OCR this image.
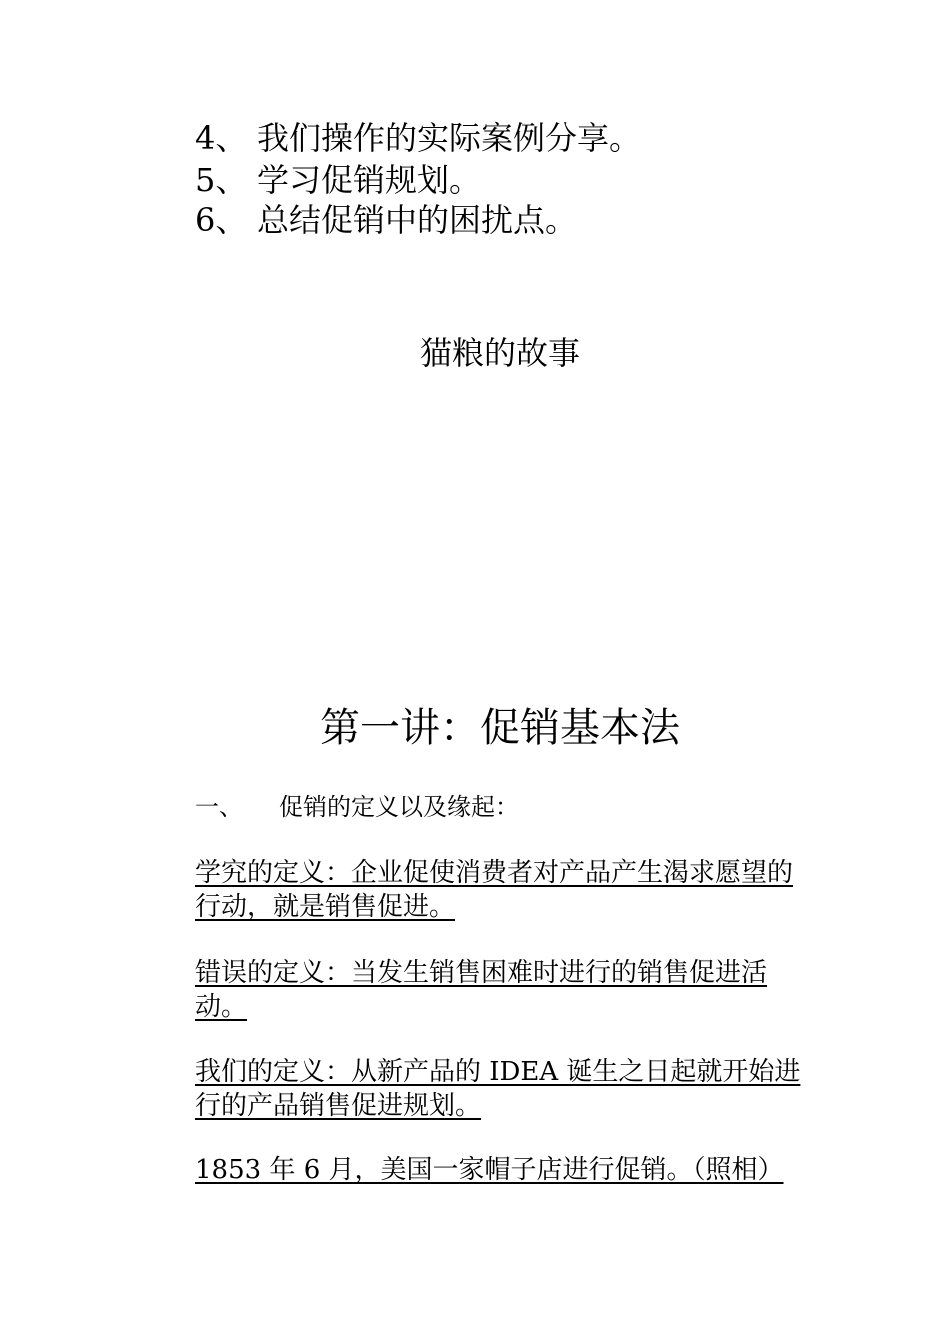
4、 我们操作的实际案例分享。
5、 学习促销规划。
6、 总结促销中的困扰点。
猫粮的故事
第一讲：促销基本法
一、 促销的定义以及缘起：
学究的定义：企业促使消费者对产品产生渴求愿望的行动，就是销售促进。
错误的定义：当发生销售困难时进行的销售促进活动。
我们的定义：从新产品的 IDEA 诞生之日起就开始进行的产品销售促进规划。
1853 年 6 月，美国一家帽子店进行促销。（照相）
